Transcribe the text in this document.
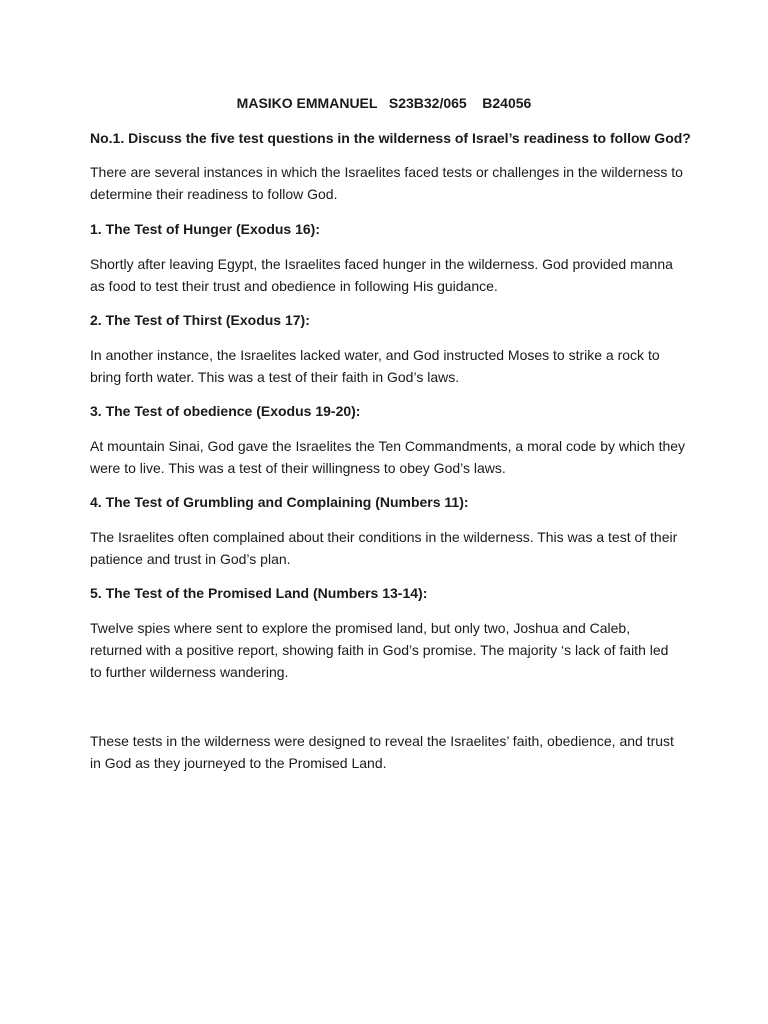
MASIKO EMMANUEL   S23B32/065    B24056
No.1. Discuss the five test questions in the wilderness of Israel’s readiness to follow God?
There are several instances in which the Israelites faced tests or challenges in the wilderness to
determine their readiness to follow God.
1. The Test of Hunger (Exodus 16):
Shortly after leaving Egypt, the Israelites faced hunger in the wilderness. God provided manna
as food to test their trust and obedience in following His guidance.
2. The Test of Thirst (Exodus 17):
In another instance, the Israelites lacked water, and God instructed Moses to strike a rock to
bring forth water. This was a test of their faith in God’s laws.
3. The Test of obedience (Exodus 19-20):
At mountain Sinai, God gave the Israelites the Ten Commandments, a moral code by which they
were to live. This was a test of their willingness to obey God’s laws.
4. The Test of Grumbling and Complaining (Numbers 11):
The Israelites often complained about their conditions in the wilderness. This was a test of their
patience and trust in God’s plan.
5. The Test of the Promised Land (Numbers 13-14):
Twelve spies where sent to explore the promised land, but only two, Joshua and Caleb,
returned with a positive report, showing faith in God’s promise. The majority ‘s lack of faith led
to further wilderness wandering.
These tests in the wilderness were designed to reveal the Israelites’ faith, obedience, and trust
in God as they journeyed to the Promised Land.
